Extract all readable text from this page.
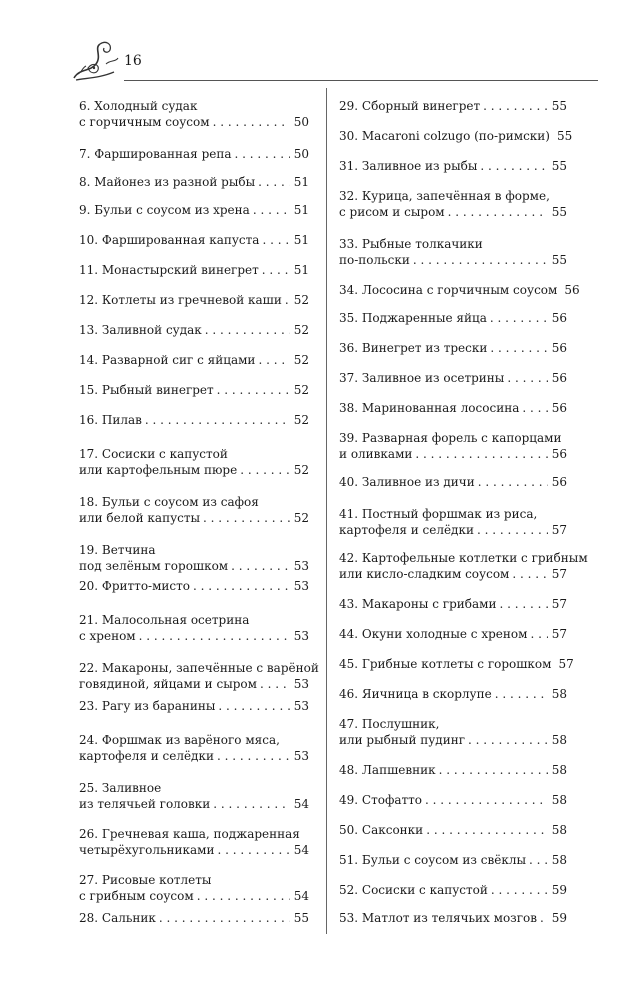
16
6. Холодный судак
с горчичным соусом . . .	50
7. Фаршированная репа . . .	50
8. Майонез из разной рыбы . . .	51
9. Бульи с соусом из хрена . . .	51
10. Фаршированная капуста . . .	51
11. Монастырский винегрет . . .	51
12. Котлеты из гречневой каши . . . 52
13. Заливной судак . . .	52
14. Разварной сиг с яйцами . . .	52
15. Рыбный винегрет . . .	52
16. Пилав . . .	52
17. Сосиски с капустой
или картофельным пюре . . .	52
18. Бульи с соусом из сафоя
или белой капусты . . .	52
19. Ветчина
под зелёным горошком . . .	53
20. Фритто-мисто . . .	53
21. Малосольная осетрина
с хреном . . .	53
22. Макароны, запечённые с варёной
говядиной, яйцами и сыром . . .	53
23. Рагу из баранины . . .	53
24. Форшмак из варёного мяса,
картофеля и селёдки . . .	53
25. Заливное
из телячьей головки . . .	54
26. Гречневая каша, поджаренная
четырёхугольниками . . .	54
27. Рисовые котлеты
с грибным соусом . . .	54
28. Сальник . . .	55
29. Сборный винегрет . . .	55
30. Macaroni colzugo (по-римски) 55
31. Заливное из рыбы . . .	55
32. Курица, запечённая в форме,
с рисом и сыром . . .	55
33. Рыбные толкачики
по-польски . . .	55
34. Лососина с горчичным соусом 56
35. Поджаренные яйца . . .	56
36. Винегрет из трески . . .	56
37. Заливное из осетрины . . .	56
38. Маринованная лососина . . .	56
39. Разварная форель с капорцами
и оливками . . .	56
40. Заливное из дичи . . .	56
41. Постный форшмак из риса,
картофеля и селёдки . . .	57
42. Картофельные котлетки с грибным
или кисло-сладким соусом . . .	57
43. Макароны с грибами . . .	57
44. Окуни холодные с хреном . . . 57
45. Грибные котлеты с горошком 57
46. Яичница в скорлупе . . .	58
47. Послушник,
или рыбный пудинг . . .	58
48. Лапшевник . . .	58
49. Стофатто . . .	58
50. Саксонки . . .	58
51. Бульи с соусом из свёклы . . . 58
52. Сосиски с капустой . . .	59
53. Матлот из телячьих мозгов . . . 59
